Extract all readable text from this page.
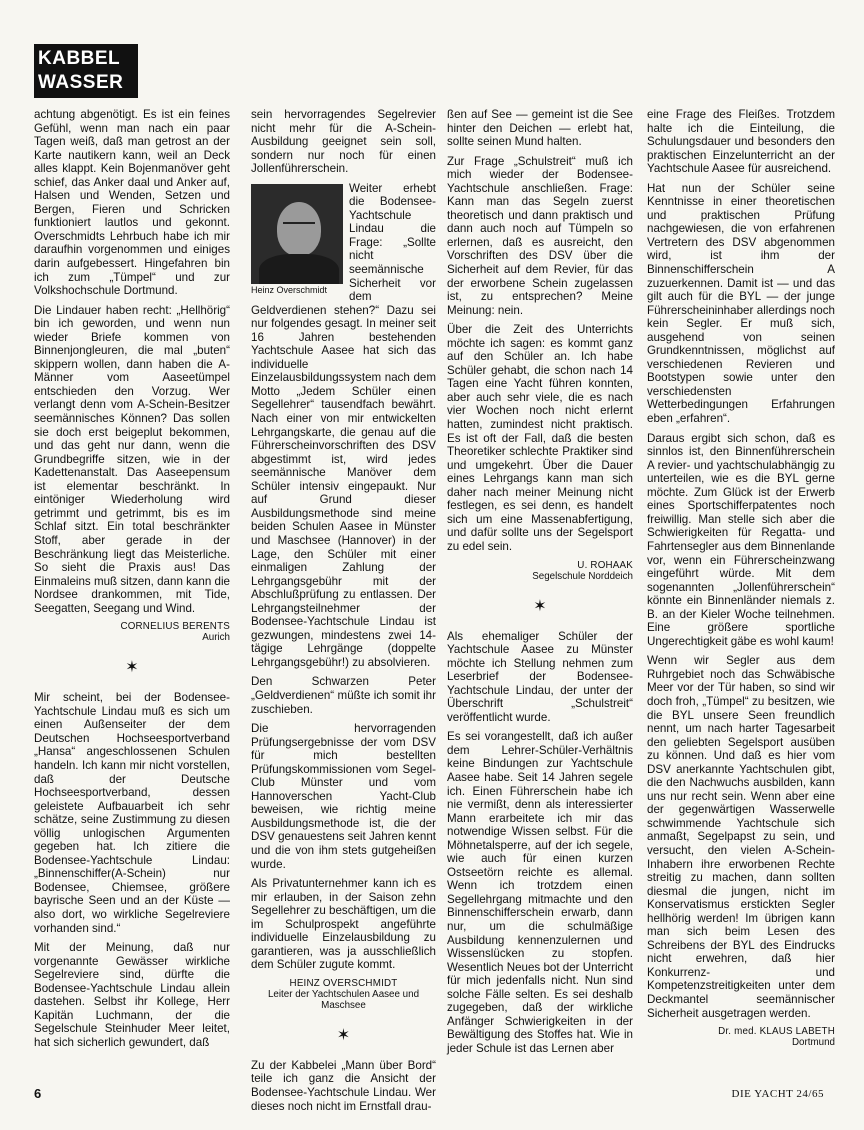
KABBEL
WASSER

achtung abgenötigt. Es ist ein feines Gefühl, wenn man nach ein paar Tagen weiß, daß man getrost an der Karte nautikern kann, weil an Deck alles klappt. Kein Bojenmanöver geht schief, das Anker daal und Anker auf, Halsen und Wenden, Setzen und Bergen, Fieren und Schricken funktioniert lautlos und gekonnt. Overschmidts Lehrbuch habe ich mir daraufhin vorgenommen und einiges darin aufgebessert. Hingefahren bin ich zum „Tümpel“ und zur Volkshochschule Dortmund.

Die Lindauer haben recht: „Hellhörig“ bin ich geworden, und wenn nun wieder Briefe kommen von Binnenjongleuren, die mal „buten“ skippern wollen, dann haben die A-Männer vom Aaseetümpel entschieden den Vorzug. Wer verlangt denn vom A-Schein-Besitzer seemännisches Können? Das sollen sie doch erst beigeplut bekommen, und das geht nur dann, wenn die Grundbegriffe sitzen, wie in der Kadettenanstalt. Das Aaseepensum ist elementar beschränkt. In eintöniger Wiederholung wird getrimmt und getrimmt, bis es im Schlaf sitzt. Ein total beschränkter Stoff, aber gerade in der Beschränkung liegt das Meisterliche. So sieht die Praxis aus! Das Einmaleins muß sitzen, dann kann die Nordsee drankommen, mit Tide, Seegatten, Seegang und Wind.

CORNELIUS BERENTS

Aurich

✶

Mir scheint, bei der Bodensee-Yachtschule Lindau muß es sich um einen Außenseiter der dem Deutschen Hochseesportverband „Hansa“ angeschlossenen Schulen handeln. Ich kann mir nicht vorstellen, daß der Deutsche Hochseesportverband, dessen geleistete Aufbauarbeit ich sehr schätze, seine Zustimmung zu diesen völlig unlogischen Argumenten gegeben hat. Ich zitiere die Bodensee-Yachtschule Lindau: „Binnenschiffer(A-Schein) nur Bodensee, Chiemsee, größere bayrische Seen und an der Küste — also dort, wo wirkliche Segelreviere vorhanden sind.“

Mit der Meinung, daß nur vorgenannte Gewässer wirkliche Segelreviere sind, dürfte die Bodensee-Yachtschule Lindau allein dastehen. Selbst ihr Kollege, Herr Kapitän Luchmann, der die Segelschule Steinhuder Meer leitet, hat sich sicherlich gewundert, daß

sein hervorragendes Segelrevier nicht mehr für die A-Schein-Ausbildung geeignet sein soll, sondern nur noch für einen Jollenführerschein.

Heinz Overschmidt

Weiter erhebt die Bodensee-Yachtschule Lindau die Frage: „Sollte nicht seemännische Sicherheit vor dem Geldverdienen stehen?“ Dazu sei nur folgendes gesagt. In meiner seit 16 Jahren bestehenden Yachtschule Aasee hat sich das individuelle Einzelausbildungssystem nach dem Motto „Jedem Schüler einen Segellehrer“ tausendfach bewährt. Nach einer von mir entwickelten Lehrgangskarte, die genau auf die Führerscheinvorschriften des DSV abgestimmt ist, wird jedes seemännische Manöver dem Schüler intensiv eingepaukt. Nur auf Grund dieser Ausbildungsmethode sind meine beiden Schulen Aasee in Münster und Maschsee (Hannover) in der Lage, den Schüler mit einer einmaligen Zahlung der Lehrgangsgebühr mit der Abschlußprüfung zu entlassen. Der Lehrgangsteilnehmer der Bodensee-Yachtschule Lindau ist gezwungen, mindestens zwei 14-tägige Lehrgänge (doppelte Lehrgangsgebühr!) zu absolvieren.

Den Schwarzen Peter „Geldverdienen“ müßte ich somit ihr zuschieben.

Die hervorragenden Prüfungsergebnisse der vom DSV für mich bestellten Prüfungskommissionen vom Segel-Club Münster und vom Hannoverschen Yacht-Club beweisen, wie richtig meine Ausbildungsmethode ist, die der DSV genauestens seit Jahren kennt und die von ihm stets gutgeheißen wurde.

Als Privatunternehmer kann ich es mir erlauben, in der Saison zehn Segellehrer zu beschäftigen, um die im Schulprospekt angeführte individuelle Einzelausbildung zu garantieren, was ja ausschließlich dem Schüler zugute kommt.

HEINZ OVERSCHMIDT

Leiter der Yachtschulen Aasee und Maschsee

✶

Zu der Kabbelei „Mann über Bord“ teile ich ganz die Ansicht der Bodensee-Yachtschule Lindau. Wer dieses noch nicht im Ernstfall drau-

ßen auf See — gemeint ist die See hinter den Deichen — erlebt hat, sollte seinen Mund halten.

Zur Frage „Schulstreit“ muß ich mich wieder der Bodensee-Yachtschule anschließen. Frage: Kann man das Segeln zuerst theoretisch und dann praktisch und dann auch noch auf Tümpeln so erlernen, daß es ausreicht, den Vorschriften des DSV über die Sicherheit auf dem Revier, für das der erworbene Schein zugelassen ist, zu entsprechen? Meine Meinung: nein.

Über die Zeit des Unterrichts möchte ich sagen: es kommt ganz auf den Schüler an. Ich habe Schüler gehabt, die schon nach 14 Tagen eine Yacht führen konnten, aber auch sehr viele, die es nach vier Wochen noch nicht erlernt hatten, zumindest nicht praktisch. Es ist oft der Fall, daß die besten Theoretiker schlechte Praktiker sind und umgekehrt. Über die Dauer eines Lehrgangs kann man sich daher nach meiner Meinung nicht festlegen, es sei denn, es handelt sich um eine Massenabfertigung, und dafür sollte uns der Segelsport zu edel sein.

U. ROHAAK

Segelschule Norddeich

✶

Als ehemaliger Schüler der Yachtschule Aasee zu Münster möchte ich Stellung nehmen zum Leserbrief der Bodensee-Yachtschule Lindau, der unter der Überschrift „Schulstreit“ veröffentlicht wurde.

Es sei vorangestellt, daß ich außer dem Lehrer-Schüler-Verhältnis keine Bindungen zur Yachtschule Aasee habe. Seit 14 Jahren segele ich. Einen Führerschein habe ich nie vermißt, denn als interessierter Mann erarbeitete ich mir das notwendige Wissen selbst. Für die Möhnetalsperre, auf der ich segele, wie auch für einen kurzen Ostseetörn reichte es allemal. Wenn ich trotzdem einen Segellehrgang mitmachte und den Binnenschifferschein erwarb, dann nur, um die schulmäßige Ausbildung kennenzulernen und Wissenslücken zu stopfen. Wesentlich Neues bot der Unterricht für mich jedenfalls nicht. Nun sind solche Fälle selten. Es sei deshalb zugegeben, daß der wirkliche Anfänger Schwierigkeiten in der Bewältigung des Stoffes hat. Wie in jeder Schule ist das Lernen aber

eine Frage des Fleißes. Trotzdem halte ich die Einteilung, die Schulungsdauer und besonders den praktischen Einzelunterricht an der Yachtschule Aasee für ausreichend.

Hat nun der Schüler seine Kenntnisse in einer theoretischen und praktischen Prüfung nachgewiesen, die von erfahrenen Vertretern des DSV abgenommen wird, ist ihm der Binnenschifferschein A zuzuerkennen. Damit ist — und das gilt auch für die BYL — der junge Führerscheininhaber allerdings noch kein Segler. Er muß sich, ausgehend von seinen Grundkenntnissen, möglichst auf verschiedenen Revieren und Bootstypen sowie unter den verschiedensten Wetterbedingungen Erfahrungen eben „erfahren“.

Daraus ergibt sich schon, daß es sinnlos ist, den Binnenführerschein A revier- und yachtschulabhängig zu unterteilen, wie es die BYL gerne möchte. Zum Glück ist der Erwerb eines Sportschifferpatentes noch freiwillig. Man stelle sich aber die Schwierigkeiten für Regatta- und Fahrtensegler aus dem Binnenlande vor, wenn ein Führerscheinzwang eingeführt würde. Mit dem sogenannten „Jollenführerschein“ könnte ein Binnenländer niemals z. B. an der Kieler Woche teilnehmen. Eine größere sportliche Ungerechtigkeit gäbe es wohl kaum!

Wenn wir Segler aus dem Ruhrgebiet noch das Schwäbische Meer vor der Tür haben, so sind wir doch froh, „Tümpel“ zu besitzen, wie die BYL unsere Seen freundlich nennt, um nach harter Tagesarbeit den geliebten Segelsport ausüben zu können. Und daß es hier vom DSV anerkannte Yachtschulen gibt, die den Nachwuchs ausbilden, kann uns nur recht sein. Wenn aber eine der gegenwärtigen Wasserwelle schwimmende Yachtschule sich anmaßt, Segelpapst zu sein, und versucht, den vielen A-Schein-Inhabern ihre erworbenen Rechte streitig zu machen, dann sollten diesmal die jungen, nicht im Konservatismus erstickten Segler hellhörig werden! Im übrigen kann man sich beim Lesen des Schreibens der BYL des Eindrucks nicht erwehren, daß hier Konkurrenz- und Kompetenzstreitigkeiten unter dem Deckmantel seemännischer Sicherheit ausgetragen werden.

Dr. med. KLAUS LABETH

Dortmund

6	DIE YACHT 24/65
